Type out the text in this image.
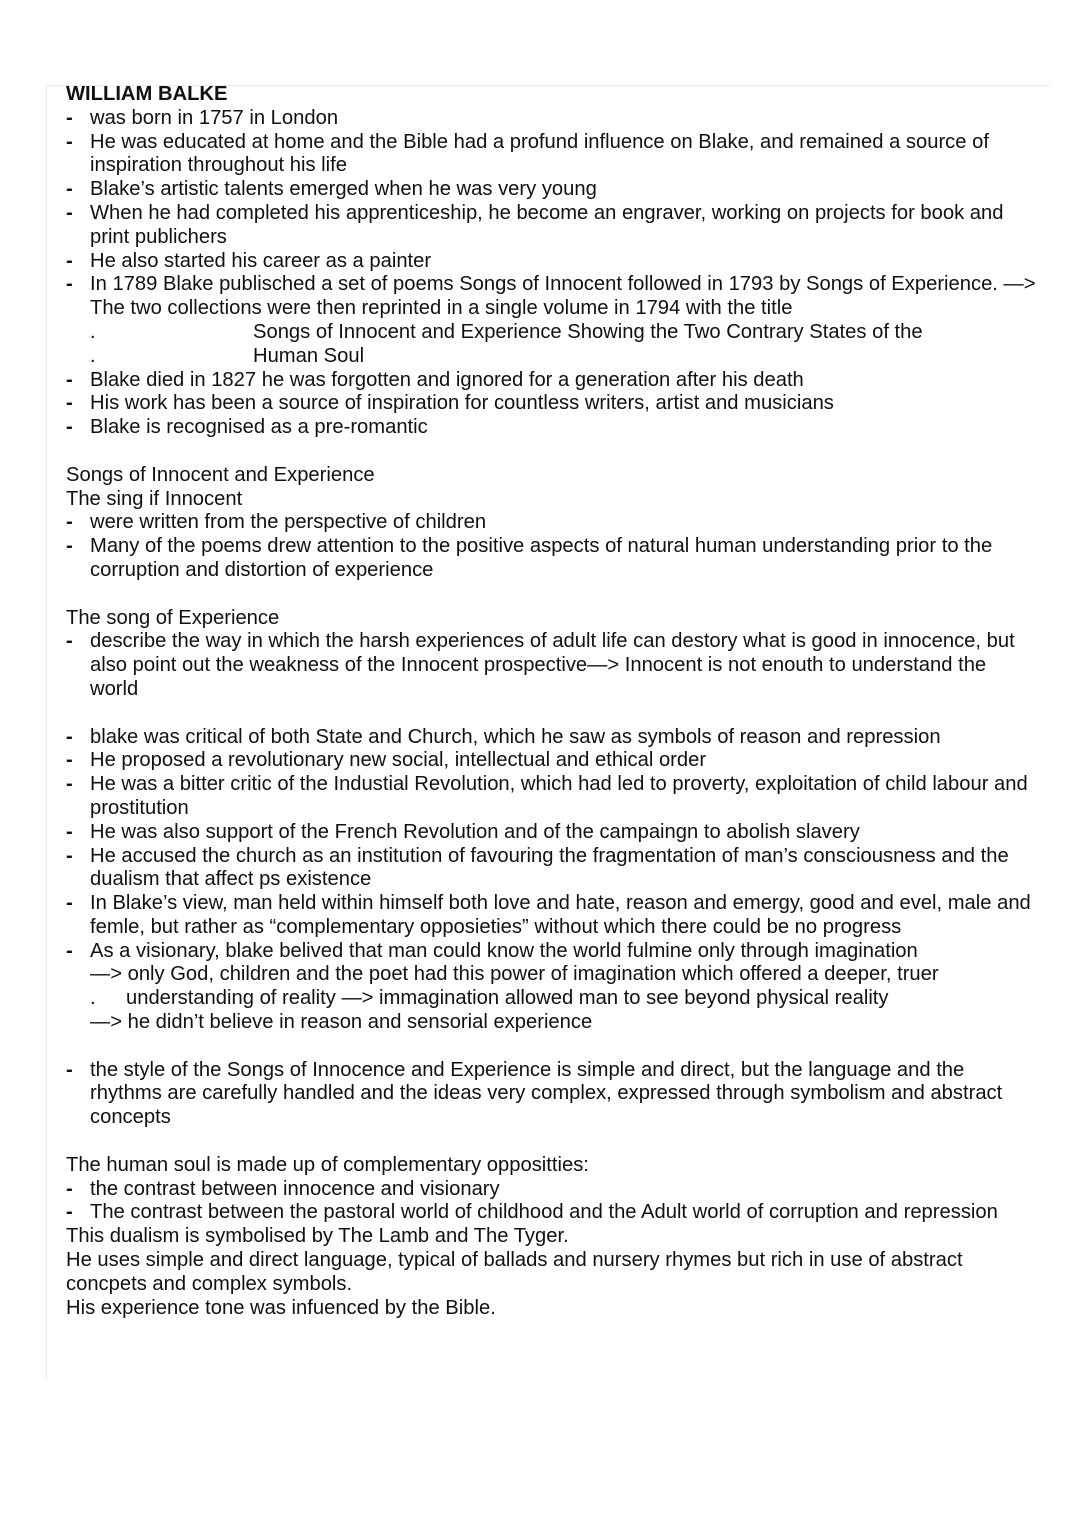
WILLIAM BALKE

- was born in 1757 in London
- He was educated at home and the Bible had a profund influence on Blake, and remained a source of inspiration throughout his life
- Blake’s artistic talents emerged when he was very young
- When he had completed his apprenticeship, he become an engraver, working on projects for book and print publichers
- He also started his career as a painter
- In 1789 Blake publisched a set of poems Songs of Innocent followed in 1793 by Songs of Experience. —> The two collections were then reprinted in a single volume in 1794 with the title
.	Songs of Innocent and Experience Showing the Two Contrary States of the
.	Human Soul
- Blake died in 1827 he was forgotten and ignored for a generation after his death
- His work has been a source of inspiration for countless writers, artist and musicians
- Blake is recognised as a pre-romantic

Songs of Innocent and Experience

The sing if Innocent

- were written from the perspective of children
- Many of the poems drew attention to the positive aspects of natural human understanding prior to the corruption and distortion of experience

The song of Experience

- describe the way in which the harsh experiences of adult life can destory what is good in innocence, but also point out the weakness of the Innocent prospective—> Innocent is not enouth to understand the world
- blake was critical of both State and Church, which he saw as symbols of reason and repression
- He proposed a revolutionary new social, intellectual and ethical order
- He was a bitter critic of the Industial Revolution, which had led to proverty, exploitation of child labour and prostitution
- He was also support of the French Revolution and of the campaingn to abolish slavery
- He accused the church as an institution of favouring the fragmentation of man’s consciousness and the dualism that affect ps existence
- In Blake’s view, man held within himself both love and hate, reason and emergy, good and evel, male and femle, but rather as “complementary opposieties” without which there could be no progress
- As a visionary, blake belived that man could know the world fulmine only through imagination
—> only God, children and the poet had this power of imagination which offered a deeper, truer
.	understanding of reality —> immagination allowed man to see beyond physical reality
—> he didn’t believe in reason and sensorial experience
- the style of the Songs of Innocence and Experience is simple and direct, but the language and the rhythms are carefully handled and the ideas very complex, expressed through symbolism and abstract concepts

The human soul is made up of complementary oppositties:

- the contrast between innocence and visionary
- The contrast between the pastoral world of childhood and the Adult world of corruption and repression

This dualism is symbolised by The Lamb and The Tyger.

He uses simple and direct language, typical of ballads and nursery rhymes but rich in use of abstract concpets and complex symbols.

His experience tone was infuenced by the Bible.
